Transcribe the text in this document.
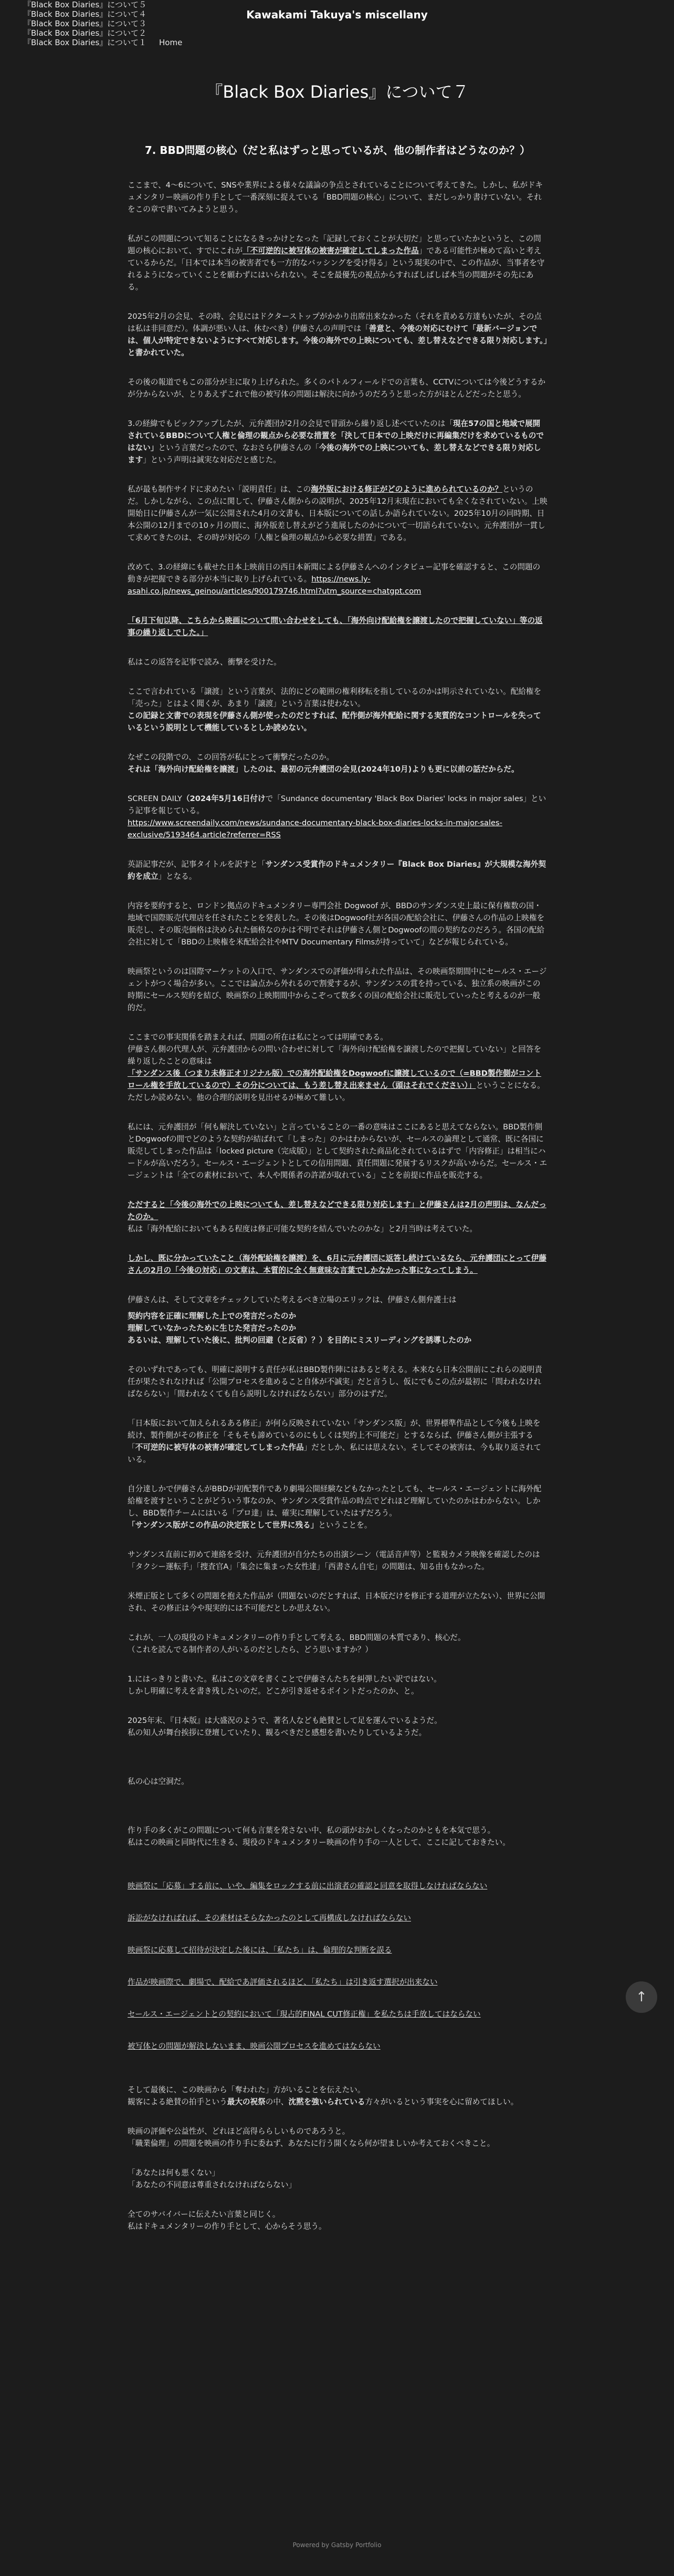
『Black Box Diaries』について５
『Black Box Diaries』について４
『Black Box Diaries』について３
『Black Box Diaries』について２
『Black Box Diaries』について１ Home
Kawakami Takuya's miscellany
『Black Box Diaries』について７
7. BBD問題の核心（だと私はずっと思っているが、他の制作者はどうなのか？）

ここまで、4～6について、SNSや業界による様々な議論の争点とされていることについて考えてきた。しかし、私がドキュメンタリー映画の作り手として一番深刻に捉えている「BBD問題の核心」について、まだしっかり書けていない。それをこの章で書いてみようと思う。

私がこの問題について知ることになるきっかけとなった「記録しておくことが大切だ」と思っていたかというと、この問題の核心において、すでにこれが「不可逆的に被写体の被害が確定してしまった作品」である可能性が極めて高いと考えているからだ。「日本では本当の被害者でも一方的なバッシングを受け得る」という現実の中で、この作品が、当事者を守れるようになっていくことを願わずにはいられない。そこを最優先の視点からすればしばしば本当の問題がその先にある。

2025年2月の会見、その時、会見にはドクターストップがかかり出席出来なかった（それを責める方達もいたが、その点は私は非同意だ）。体調が悪い人は、休むべき）伊藤さんの声明では「善意と、今後の対応にむけて「最新バージョンでは、個人が特定できないようにすべて対応します。今後の海外での上映についても、差し替えなどできる限り対応します。」と書かれていた。

その後の報道でもこの部分が主に取り上げられた。多くのパトルフィールドでの言葉も、CCTVについては今後どうするかが分からないが、とりあえずこれで他の被写体の問題は解決に向かうのだろうと思った方がほとんどだったと思う。

3.の経緯でもピックアップしたが、元弁護団が2月の会見で冒頭から繰り返し述べていたのは「現在57の国と地域で展開されているBBDについて人権と倫理の観点から必要な措置を「決して日本での上映だけに再編集だけを求めているものではない」という言葉だったので、なおさら伊藤さんの「今後の海外での上映についても、差し替えなどできる限り対応します」という声明は誠実な対応だと感じた。

私が最も制作サイドに求めたい「説明責任」は、この海外版における修正がどのように進められているのか？というのだ。しかしながら、この点に関して、伊藤さん側からの説明が、2025年12月末現在においても全くなされていない。上映開始日に伊藤さんが一気に公開された4月の文書も、日本版についての話しか語られていない。2025年10月の同時期、日本公開の12月までの10ヶ月の間に、海外版差し替えがどう進展したのかについて一切語られていない。元弁護団が一貫して求めてきたのは、その時が対応の「人権と倫理の観点から必要な措置」である。

改めて、3.の経緯にも載せた日本上映前日の西日本新聞による伊藤さんへのインタビュー記事を確認すると、この問題の動きが把握できる部分が本当に取り上げられている。https://news.ly-asahi.co.jp/news_geinou/articles/900179746.html?utm_source=chatgpt.com

「6月下旬以降、こちらから映画について問い合わせをしても、「海外向け配給権を譲渡したので把握していない」等の返事の繰り返しでした。」

私はこの返答を記事で読み、衝撃を受けた。

ここで言われている「譲渡」という言葉が、法的にどの範囲の権利移転を指しているのかは明示されていない。配給権を「売った」とはよく聞くが、あまり「譲渡」という言葉は使わない。
この記録と文書での表現を伊藤さん側が使ったのだとすれば、配作側が海外配給に関する実質的なコントロールを失っているという説明として機能しているとしか読めない。

なぜこの段階での、この回答が私にとって衝撃だったのか。
それは「海外向け配給権を譲渡」したのは、最初の元弁護団の会見(2024年10月)よりも更に以前の話だからだ。

SCREEN DAILY（2024年5月16日付けで「Sundance documentary 'Black Box Diaries' locks in major sales」という記事を報じている。
https://www.screendaily.com/news/sundance-documentary-black-box-diaries-locks-in-major-sales-exclusive/5193464.article?referrer=RSS

英語記事だが、記事タイトルを訳すと「サンダンス受賞作のドキュメンタリー『Black Box Diaries』が大規模な海外契約を成立」となる。

内容を要約すると、ロンドン拠点のドキュメンタリー専門会社 Dogwoof が、BBDのサンダンス史上最に保有権数の国・地域で国際販売代理店を任されたことを発表した。その後はDogwoof社が各国の配給会社に、伊藤さんの作品の上映権を販売し、その販売価格は決められた価格なのかは不明でそれは伊藤さん側とDogwoofの間の契約なのだろう。各国の配給会社に対して「BBDの上映権を米配給会社やMTV Documentary Filmsが持っていて」などが報じられている。

映画祭というのは国際マーケットの入口で、サンダンスでの評価が得られた作品は、その映画祭期間中にセールス・エージェントがつく場合が多い。ここでは論点から外れるので割愛するが、サンダンスの賞を持っている、独立系の映画がこの時期にセールス契約を結び、映画祭の上映期間中からこぞって数多くの国の配給会社に販売していったと考えるのが一般的だ。

ここまでの事実関係を踏まえれば、問題の所在は私にとっては明確である。
伊藤さん側の代理人が、元弁護団からの問い合わせに対して「海外向け配給権を譲渡したので把握していない」と回答を繰り返したことの意味は
「サンダンス後（つまり未修正オリジナル版）での海外配給権をDogwoofに譲渡しているので（=BBD製作側がコントロール権を手放しているので）その分については、もう差し替え出来ません（頭はそれでください）」ということになる。
ただしか読めない。他の合理的説明を見出せるが極めて難しい。

私には、元弁護団が「何も解決していない」と言っていることの一番の意味はここにあると思えてならない。BBD製作側とDogwoofの間でどのような契約が結ばれて「しまった」のかはわからないが、セールスの論理として通常、既に各国に販売してしまった作品は「locked picture（完成版）」として契約された商品化されているはずで「内容修正」は相当にハードルが高いだろう。セールス・エージェントとしての信用問題、責任問題に発展するリスクが高いからだ。セールス・エージェントは「全ての素材において、本人や関係者の許諾が取れている」ことを前提に作品を販売する。

ただすると「今後の海外での上映についても、差し替えなどできる限り対応します」と伊藤さんは2月の声明は、なんだったのか。
私は「海外配給においてもある程度は修正可能な契約を結んでいたのかな」と2月当時は考えていた。

しかし、既に分かっていたこと（海外配給権を譲渡）を、6月に元弁護団に返答し続けているなら、元弁護団にとって伊藤さんの2月の「今後の対応」の文章は、本質的に全く無意味な言葉でしかなかった事になってしまう。

伊藤さんは、そして文章をチェックしていた考えるべき立場のエリックは、伊藤さん側弁護士は

契約内容を正確に理解した上での発言だったのか
理解していなかったために生じた発言だったのか
あるいは、理解していた後に、批判の回避（と反省）？）を目的にミスリーディングを誘導したのか

そのいずれであっても、明確に説明する責任が私はBBD製作陣にはあると考える。本来なら日本公開前にこれらの説明責任が果たされなければ「公開プロセスを進めること自体が不誠実」だと言うし、仮にでもこの点が最初に「問われなければならない」「間われなくても自ら説明しなければならない」部分のはずだ。

「日本版において加えられるある修正」が何ら反映されていない「サンダンス版」が、世界標準作品として今後も上映を続け、製作側がその修正を「そもそも諦めているのにもしくは契約上不可能だ」とするならば、伊藤さん側が主張する「不可逆的に被写体の被害が確定してしまった作品」だとしか、私には思えない。そしてその被害は、今も取り返されている。

自分達しかで伊藤さんがBBDが初配製作であり劇場公開経験などもなかったとしても、セールス・エージェントに海外配給権を渡すということがどういう事なのか、サンダンス受賞作品の時点でどれほど理解していたのかはわからない。しかし、BBD製作チームにはいる「プロ達」は、確実に理解していたはずだろう。
「サンダンス版がこの作品の決定版として世界に残る」ということを。

サンダンス直前に初めて連絡を受け、元弁護団が自分たちの出演シーン（電話音声等）と監視カメラ映像を確認したのは「タクシー運転手」「捜査官A」「集会に集まった女性達」「西書さん自宅」の問題は、知る由もなかった。

米煙正版として多くの問題を抱えた作品が（問題ないのだとすれば、日本版だけを修正する道理が立たない）、世界に公開され、その修正は今や現実的には不可能だとしか思えない。

これが、一人の現役のドキュメンタリーの作り手として考える、BBD問題の本質であり、核心だ。
（これを読んでる制作者の人がいるのだとしたら、どう思いますか？）

1.にはっきりと書いた。私はこの文章を書くことで伊藤さんたちを糾弾したい訳ではない。
しかし明確に考えを書き残したいのだ。どこが引き返せるポイントだったのか、と。

2025年末、『日本版』は大盛況のようで、著名人なども絶賛として足を運んでいるようだ。
私の知人が舞台挨拶に登壇していたり、観るべきだと感想を書いたりしているようだ。

私の心は空洞だ。

作り手の多くがこの問題について何も言葉を発さない中、私の頭がおかしくなったのかともを本気で思う。
私はこの映画と同時代に生きる、現役のドキュメンタリー映画の作り手の一人として、ここに記しておきたい。

映画祭に「応募」する前に、いや、編集をロックする前に出演者の確認と同意を取得しなければならない

訴訟がなければれば、その素材はそらなかったのとして再構成しなければならない

映画祭に応募して招待が決定した後には、「私たち」は、倫理的な判断を誤る

作品が映画際で、劇場で、配給であ評価されるほど、「私たち」は引き返す選択が出来ない

セールス・エージェントとの契約において「現占的FINAL CUT修正権」を私たちは手放してはならない

被写体との問題が解決しないまま、映画公開プロセスを進めてはならない

そして最後に、この映画から「奪われた」方がいることを伝えたい。
観客による絶賛の拍手という最大の祝祭の中、沈黙を強いられている方々がいるという事実を心に留めてほしい。

映画の評価や公益性が、どれほど高得ららしいものであろうと。
「職業倫理」の問題を映画の作り手に委ねず、あなたに行う開くなら何が望ましいか考えておくべきこと。

「あなたは何も悪くない」
「あなたの不同意は尊重されなければならない」

全てのサバイバーに伝えたい言葉と同じく。
私はドキュメンタリーの作り手として、心からそう思う。

↑
Powered by Gatsby Portfolio
